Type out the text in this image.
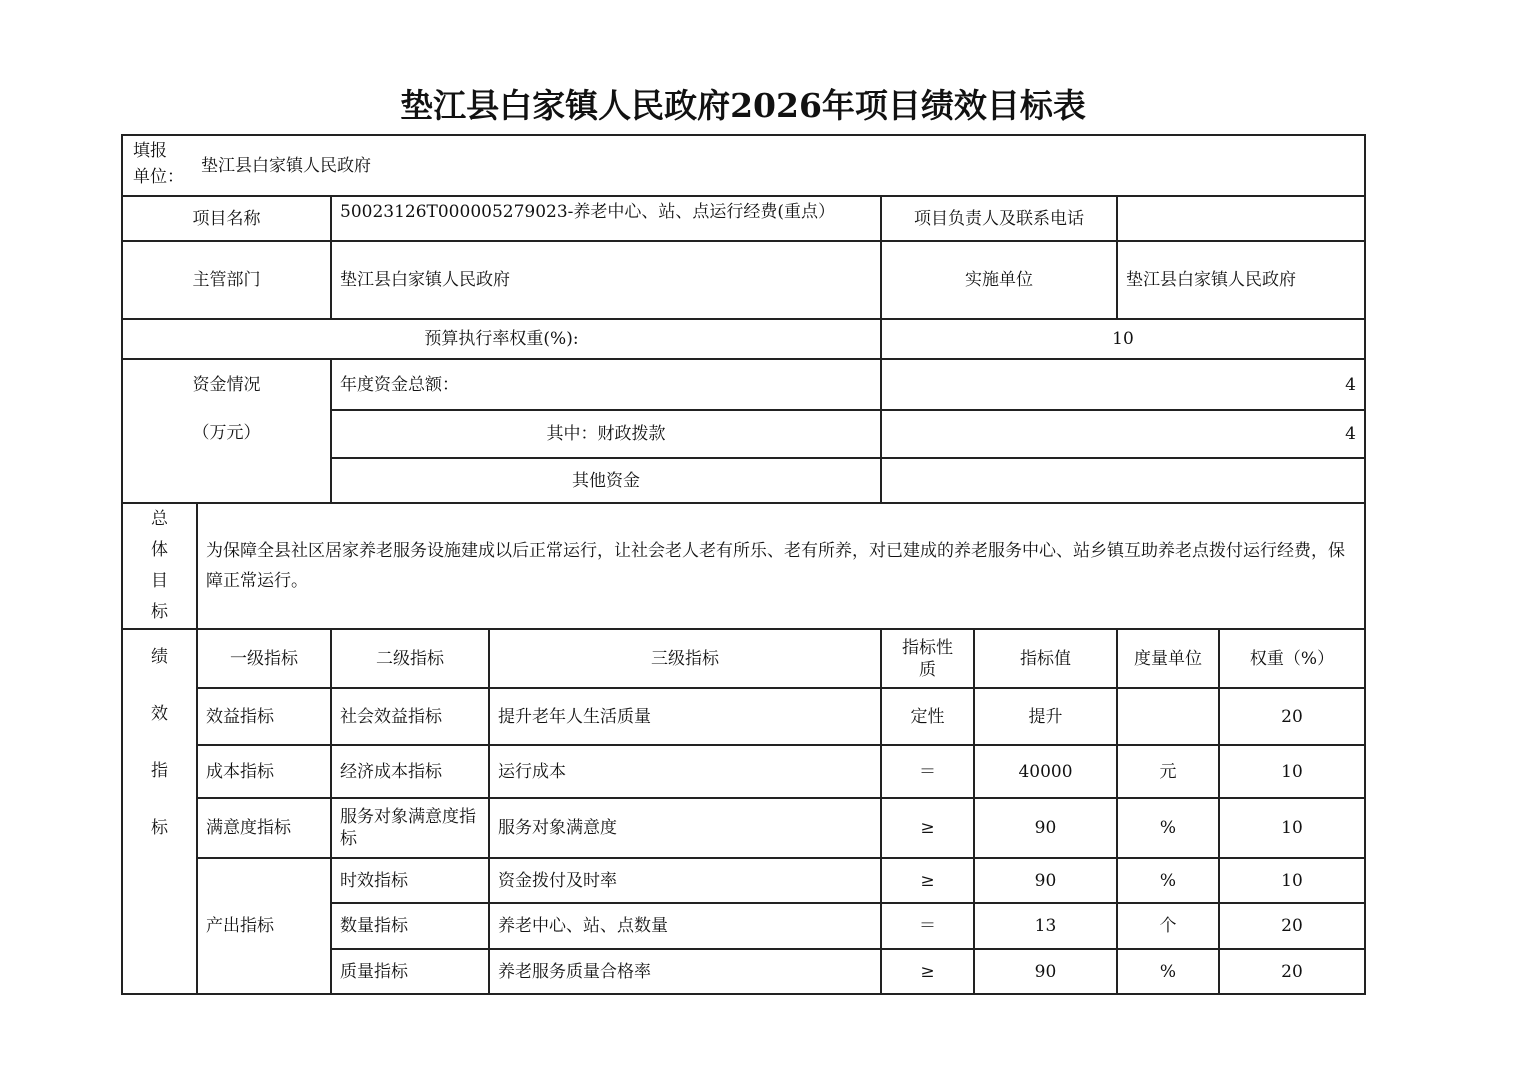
垫江县白家镇人民政府2026年项目绩效目标表
填报
单位：
垫江县白家镇人民政府							

项目名称		50023126T000005279023-养老中心、站、点运行经费(重点）		项目负责人及联系电话			
主管部门		垫江县白家镇人民政府		实施单位		垫江县白家镇人民政府	
预算执行率权重(%):				10			

资金情况
（万元）		年度资金总额：		4			
		其中：财政拨款		4			
		其他资金					

总
体
目
标	为保障全县社区居家养老服务设施建成以后正常运行，让社会老人老有所乐、老有所养，对已建成的养老服务中心、站乡镇互助养老点拨付运行经费，保障正常运行。						

绩
效
指
标	一级指标	二级指标	三级指标	指标性质	指标值	度量单位	权重（%）
	效益指标	社会效益指标	提升老年人生活质量	定性	提升		20
	成本指标	经济成本指标	运行成本	＝	40000	元	10
	满意度指标	服务对象满意度指标	服务对象满意度	≥	90	%	10
	产出指标	时效指标	资金拨付及时率	≥	90	%	10
		数量指标	养老中心、站、点数量	＝	13	个	20
		质量指标	养老服务质量合格率	≥	90	%	20
